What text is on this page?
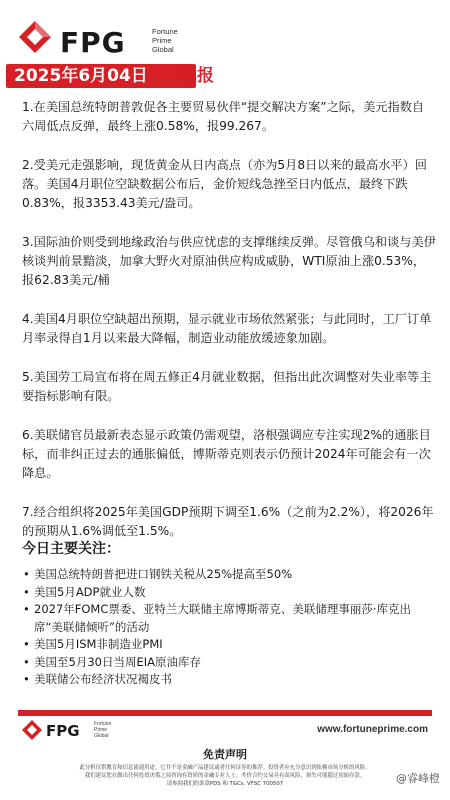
FPG	Fortune
Prime
Global
2025年6月04日 早报

1.在美国总统特朗普敦促各主要贸易伙伴“提交解决方案”之际，美元指数自六周低点反弹，最终上涨0.58%，报99.267。

2.受美元走强影响，现货黄金从日内高点（亦为5月8日以来的最高水平）回落。美国4月职位空缺数据公布后，金价短线急挫至日内低点，最终下跌0.83%，报3353.43美元/盎司。

3.国际油价则受到地缘政治与供应忧虑的支撑继续反弹。尽管俄乌和谈与美伊核谈判前景黯淡，加拿大野火对原油供应构成威胁，WTI原油上涨0.53%，报62.83美元/桶

4.美国4月职位空缺超出预期，显示就业市场依然紧张；与此同时，工厂订单月率录得自1月以来最大降幅，制造业动能放缓迹象加剧。

5.美国劳工局宣布将在周五修正4月就业数据，但指出此次调整对失业率等主要指标影响有限。

6.美联储官员最新表态显示政策仍需观望，洛根强调应专注实现2%的通胀目标，而非纠正过去的通胀偏低，博斯蒂克则表示仍预计2024年可能会有一次降息。

7.经合组织将2025年美国GDP预期下调至1.6%（之前为2.2%），将2026年的预期从1.6%调低至1.5%。

今日主要关注：
• 美国总统特朗普把进口钢铁关税从25%提高至50%
• 美国5月ADP就业人数
• 2027年FOMC票委、亚特兰大联储主席博斯蒂克、美联储理事丽莎·库克出席“美联储倾听”的活动
• 美国5月ISM非制造业PMI
• 美国至5月30日当周EIA原油库存
• 美联储公布经济状况褐皮书
FPG	Fortune
Prime
Global
www.fortuneprime.com
免责声明
此分析仅供教育和信息流通用途。它并不是金融产品建议或者任何证券的推荐。投资者应充分意识到依赖市场分析的风险。
我们建议您在做出任何投资决策之前咨询有资质的金融专业人士。差价合约交易具有高风险，损失可能超过初始存款。
请参阅我们的条款PDS 和 T&Cs. VFSC 700507	@睿峰橙
